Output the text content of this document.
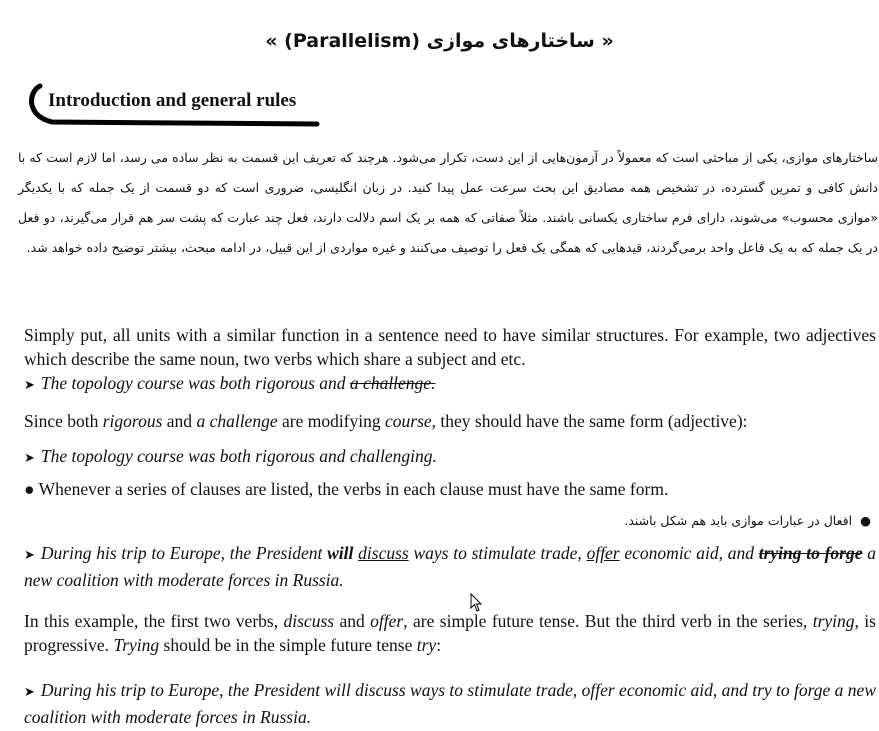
« ساختارهای موازی (Parallelism) »
Introduction and general rules
ساختارهای موازی، یکی از مباحثی است که معمولاً در آزمون‌هایی از این دست، تکرار می‌شود. هرچند که تعریف این قسمت به نظر ساده می رسد، اما لازم است که با دانش کافی و تمرین گسترده، در تشخیص همه مصادیق این بحث سرعت عمل پیدا کنید. در زبان انگلیسی، ضروری است که دو قسمت از یک جمله که با یکدیگر «موازی محسوب» می‌شوند، دارای فرم ساختاری یکسانی باشند. مثلاً صفاتی که همه بر یک اسم دلالت دارند، فعل چند عبارت که پشت سر هم قرار می‌گیرند، دو فعل در یک جمله که به یک فاعل واحد برمی‌گردند، قیدهایی که همگی یک فعل را توصیف می‌کنند و غیره مواردی از این قبیل، در ادامه مبحث، بیشتر توضیح داده خواهد شد.
Simply put, all units with a similar function in a sentence need to have similar structures. For example, two adjectives which describe the same noun, two verbs which share a subject and etc.
➤ The topology course was both rigorous and a challenge.
Since both rigorous and a challenge are modifying course, they should have the same form (adjective):
➤ The topology course was both rigorous and challenging.
● Whenever a series of clauses are listed, the verbs in each clause must have the same form.
●افعال در عبارات موازی باید هم شکل باشند.
➤ During his trip to Europe, the President will discuss ways to stimulate trade, offer economic aid, and trying to forge a new coalition with moderate forces in Russia.
In this example, the first two verbs, discuss and offer, are simple future tense. But the third verb in the series, trying, is progressive. Trying should be in the simple future tense try:
➤ During his trip to Europe, the President will discuss ways to stimulate trade, offer economic aid, and try to forge a new coalition with moderate forces in Russia.
